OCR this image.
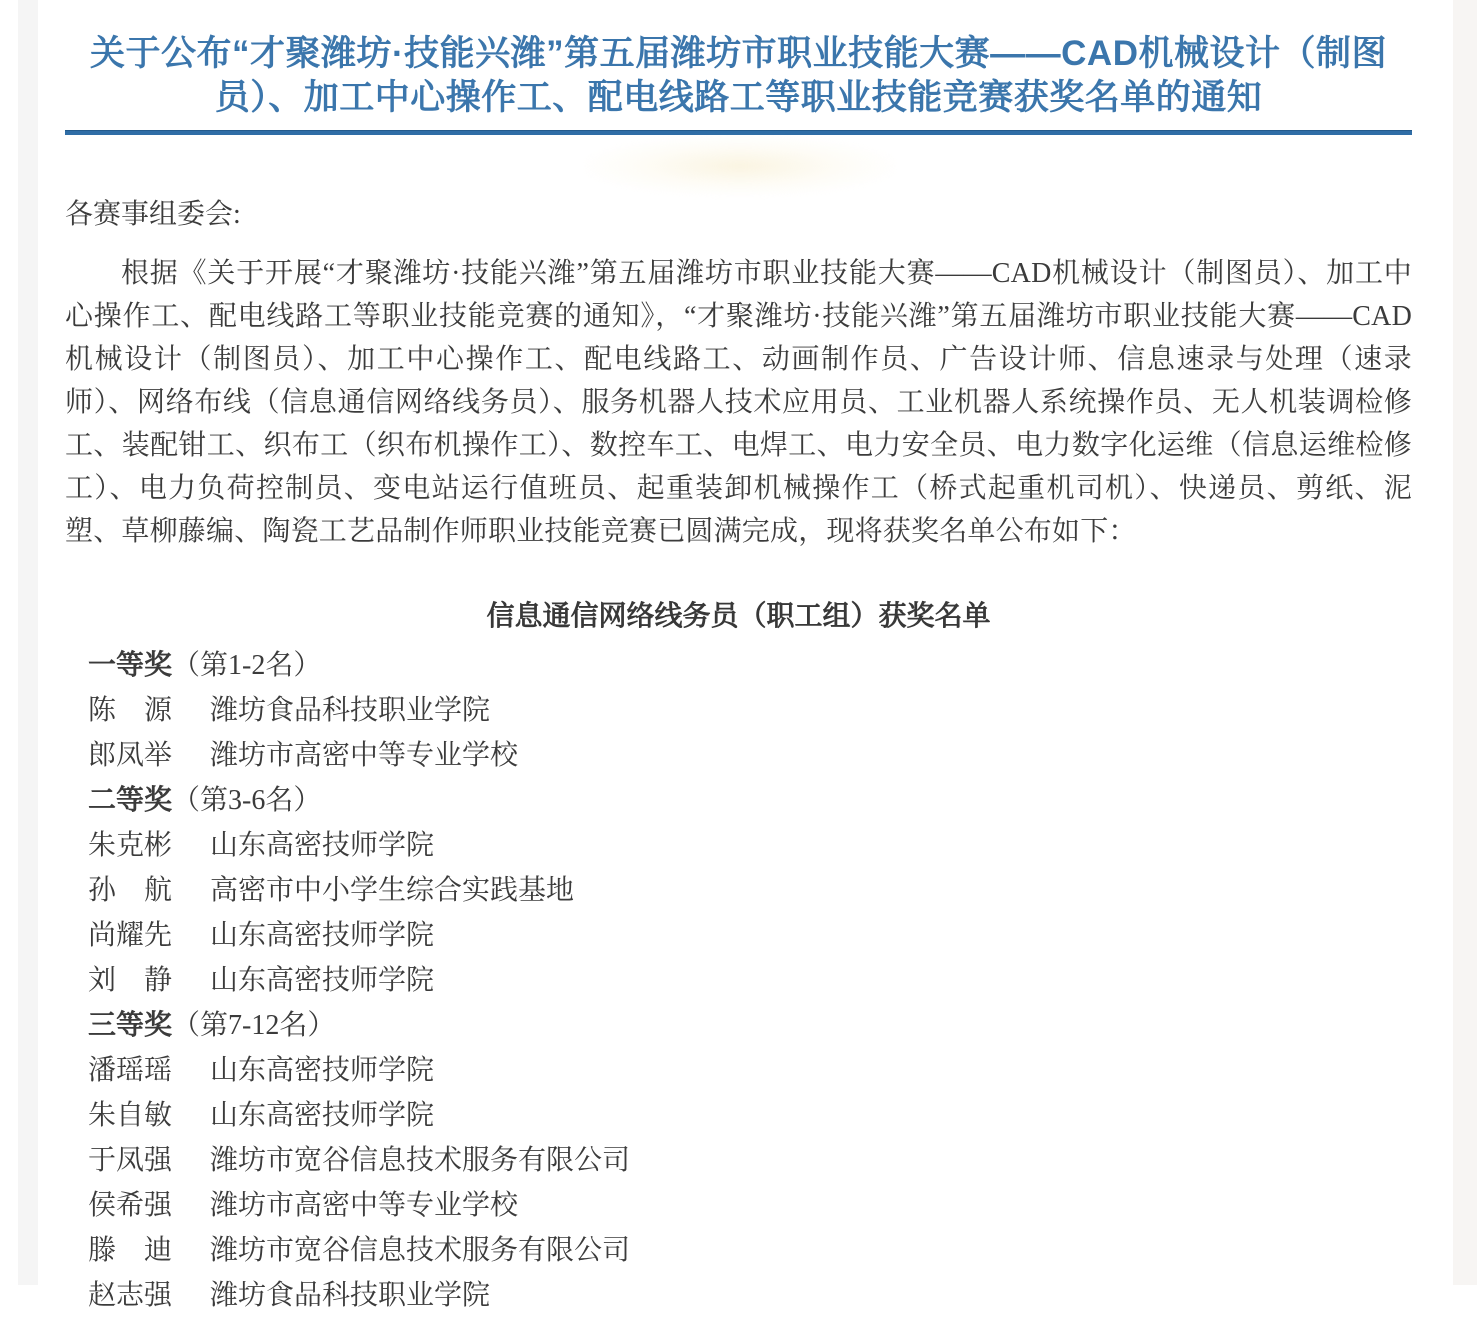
关于公布“才聚潍坊·技能兴潍”第五届潍坊市职业技能大赛——CAD机械设计（制图员）、加工中心操作工、配电线路工等职业技能竞赛获奖名单的通知

各赛事组委会:

根据《关于开展“才聚潍坊·技能兴潍”第五届潍坊市职业技能大赛——CAD机械设计（制图员）、加工中心操作工、配电线路工等职业技能竞赛的通知》，“才聚潍坊·技能兴潍”第五届潍坊市职业技能大赛——CAD机械设计（制图员）、加工中心操作工、配电线路工、动画制作员、广告设计师、信息速录与处理（速录师）、网络布线（信息通信网络线务员）、服务机器人技术应用员、工业机器人系统操作员、无人机装调检修工、装配钳工、织布工（织布机操作工）、数控车工、电焊工、电力安全员、电力数字化运维（信息运维检修工）、电力负荷控制员、变电站运行值班员、起重装卸机械操作工（桥式起重机司机）、快递员、剪纸、泥塑、草柳藤编、陶瓷工艺品制作师职业技能竞赛已圆满完成，现将获奖名单公布如下：

信息通信网络线务员（职工组）获奖名单
一等奖（第1-2名）
陈　源	潍坊食品科技职业学院
郎凤举	潍坊市高密中等专业学校
二等奖（第3-6名）
朱克彬	山东高密技师学院
孙　航	高密市中小学生综合实践基地
尚耀先	山东高密技师学院
刘　静	山东高密技师学院
三等奖（第7-12名）
潘瑶瑶	山东高密技师学院
朱自敏	山东高密技师学院
于凤强	潍坊市宽谷信息技术服务有限公司
侯希强	潍坊市高密中等专业学校
滕　迪	潍坊市宽谷信息技术服务有限公司
赵志强	潍坊食品科技职业学院
